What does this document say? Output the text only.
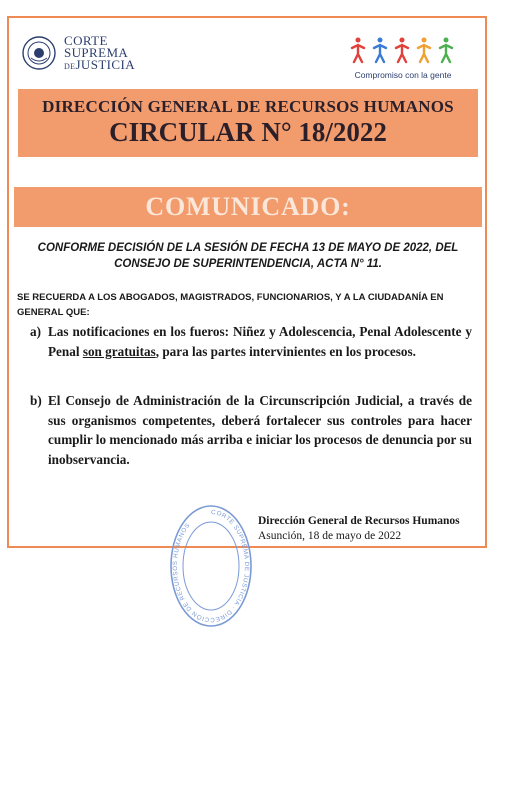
CORTE
SUPREMA
DEJUSTICIA
Compromiso con la gente
DIRECCIÓN GENERAL DE RECURSOS HUMANOS
CIRCULAR N° 18/2022
COMUNICADO:
CONFORME DECISIÓN DE LA SESIÓN DE FECHA 13 DE MAYO DE 2022, DEL
CONSEJO DE SUPERINTENDENCIA, ACTA N° 11.
SE RECUERDA A LOS ABOGADOS, MAGISTRADOS, FUNCIONARIOS, Y A LA CIUDADANÍA EN GENERAL QUE:
a) Las notificaciones en los fueros: Niñez y Adolescencia, Penal Adolescente y Penal son gratuitas, para las partes intervinientes en los procesos.
b) El Consejo de Administración de la Circunscripción Judicial, a través de sus organismos competentes, deberá fortalecer sus controles para hacer cumplir lo mencionado más arriba e iniciar los procesos de denuncia por su inobservancia.
CORTE SUPREMA DE JUSTICIA · DIRECCIÓN DE RECURSOS HUMANOS	Dirección General de Recursos Humanos
Asunción, 18 de mayo de 2022
